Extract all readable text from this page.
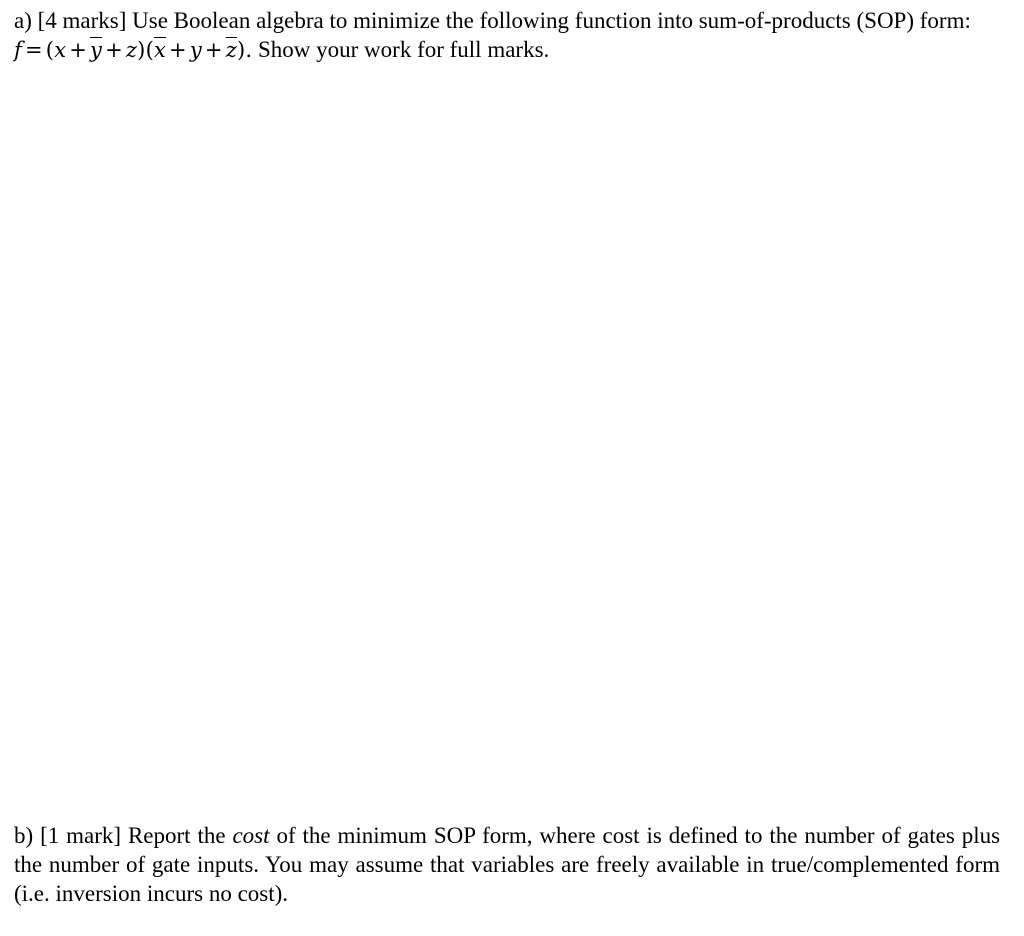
a) [4 marks] Use Boolean algebra to minimize the following function into sum-of-products (SOP) form: $f = (x + \overline{y} + z)(\overline{x} + y + \overline{z})$. Show your work for full marks.

b) [1 mark] Report the cost of the minimum SOP form, where cost is defined to the number of gates plus the number of gate inputs. You may assume that variables are freely available in true/complemented form (i.e. inversion incurs no cost).
